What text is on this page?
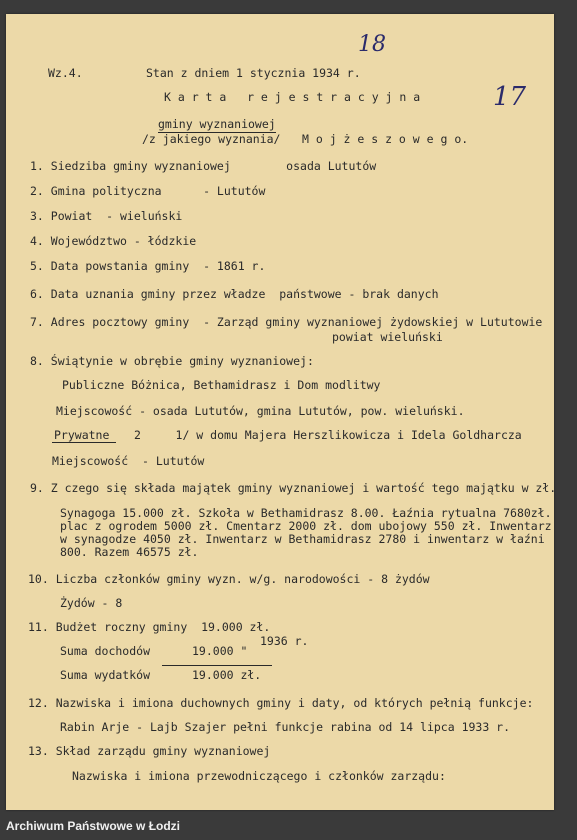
18
17
Wz.4.	Stan z dniem 1 stycznia 1934 r.
K a r t a   r e j e s t r a c y j n a
gminy wyznaniowej
/z jakiego wyznania/ M o j ż e s z o w e g o.
1. Siedziba gminy wyznaniowej        osada Lututów
2. Gmina polityczna      - Lututów
3. Powiat  - wieluński
4. Województwo - łódzkie
5. Data powstania gminy  - 1861 r.
6. Data uznania gminy przez władze  państwowe - brak danych
7. Adres pocztowy gminy  - Zarząd gminy wyznaniowej żydowskiej w Lututowie
powiat wieluński
8. Świątynie w obrębie gminy wyznaniowej:
Publiczne Bóżnica, Bethamidrasz i Dom modlitwy
Miejscowość - osada Lututów, gmina Lututów, pow. wieluński.
Prywatne 2     1/ w domu Majera Herszlikowicza i Idela Goldharcza
Miejscowość  - Lututów
9. Z czego się składa majątek gminy wyznaniowej i wartość tego majątku w zł.
Synagoga 15.000 zł. Szkoła w Bethamidrasz 8.00. Łaźnia rytualna 7680zł.
plac z ogrodem 5000 zł. Cmentarz 2000 zł. dom ubojowy 550 zł. Inwentarz
w synagodze 4050 zł. Inwentarz w Bethamidrasz 2780 i inwentarz w łaźni
800. Razem 46575 zł.
10. Liczba członków gminy wyzn. w/g. narodowości - 8 żydów
Żydów - 8
11. Budżet roczny gminy  19.000 zł.
1936 r.
Suma dochodów	19.000 "
Suma wydatków	19.000 zł.
12. Nazwiska i imiona duchownych gminy i daty, od których pełnią funkcje:
Rabin Arje - Lajb Szajer pełni funkcje rabina od 14 lipca 1933 r.
13. Skład zarządu gminy wyznaniowej
Nazwiska i imiona przewodniczącego i członków zarządu:
Archiwum Państwowe w Łodzi
